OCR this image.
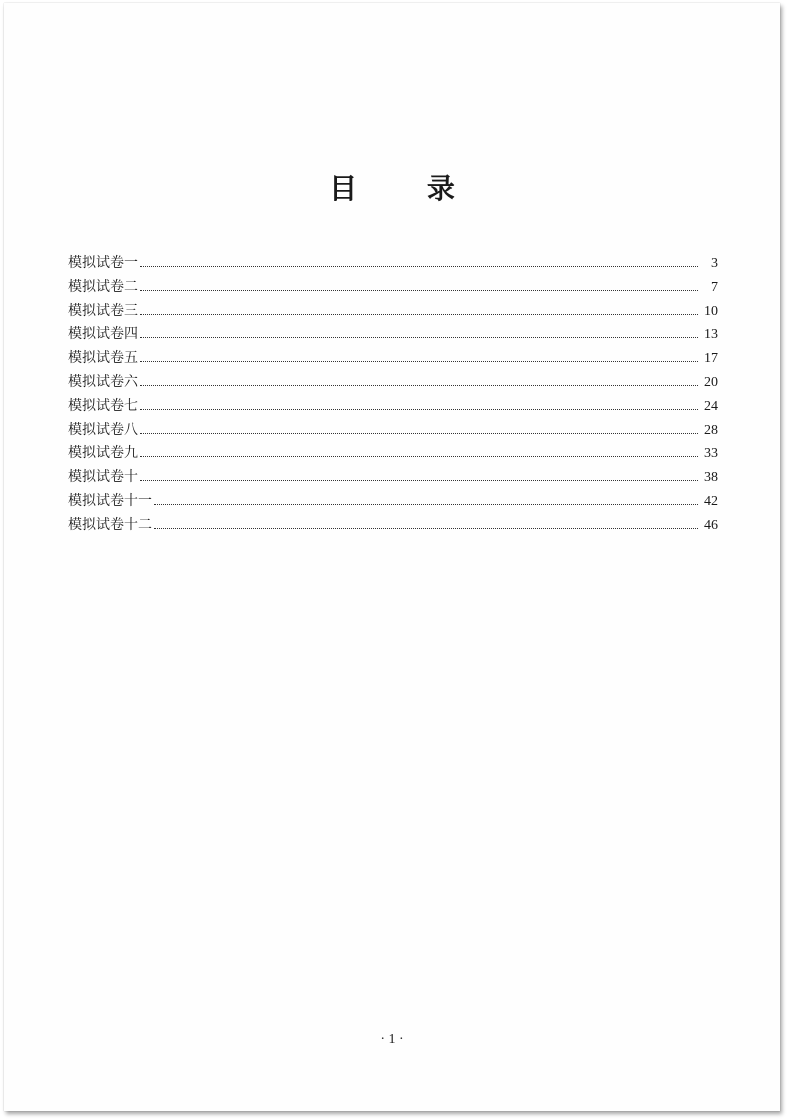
目 录
模拟试卷一	3
模拟试卷二	7
模拟试卷三	10
模拟试卷四	13
模拟试卷五	17
模拟试卷六	20
模拟试卷七	24
模拟试卷八	28
模拟试卷九	33
模拟试卷十	38
模拟试卷十一	42
模拟试卷十二	46
· 1 ·
